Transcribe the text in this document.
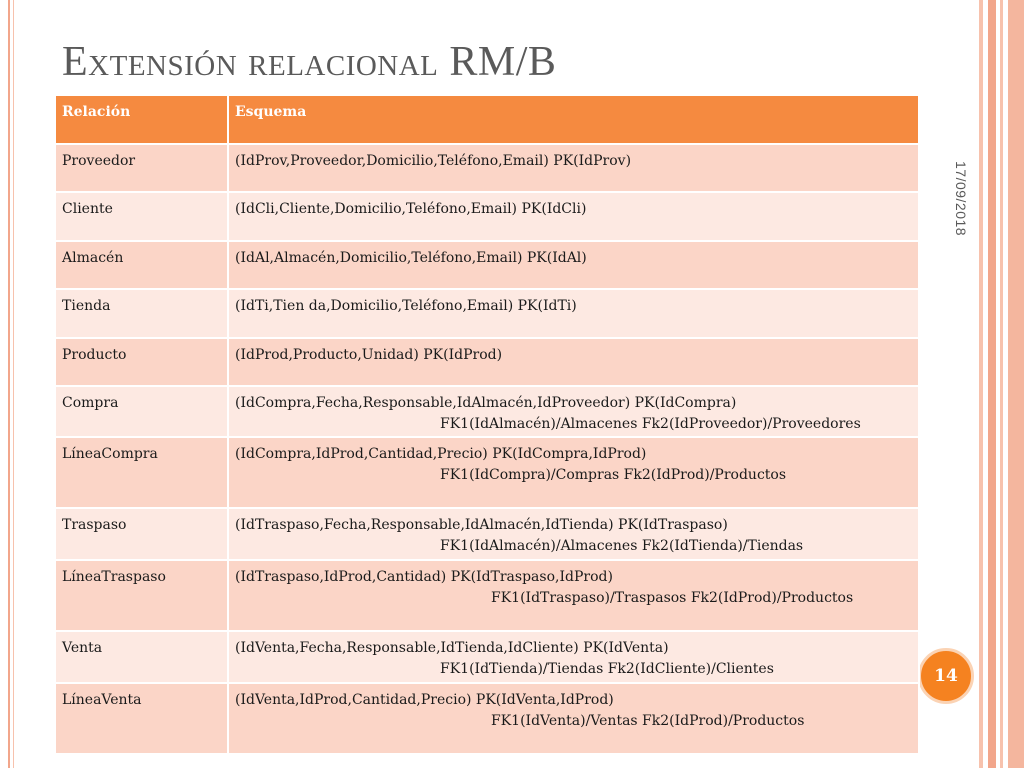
Extensión relacional RM/B
17/09/2018
14
Relación	Esquema
Proveedor	(IdProv,Proveedor,Domicilio,Teléfono,Email) PK(IdProv)

Cliente	(IdCli,Cliente,Domicilio,Teléfono,Email) PK(IdCli)

Almacén	(IdAl,Almacén,Domicilio,Teléfono,Email) PK(IdAl)

Tienda	(IdTi,Tien da,Domicilio,Teléfono,Email) PK(IdTi)

Producto	(IdProd,Producto,Unidad) PK(IdProd)

Compra	(IdCompra,Fecha,Responsable,IdAlmacén,IdProveedor) PK(IdCompra)
FK1(IdAlmacén)/Almacenes Fk2(IdProveedor)/Proveedores

LíneaCompra	(IdCompra,IdProd,Cantidad,Precio) PK(IdCompra,IdProd)
FK1(IdCompra)/Compras Fk2(IdProd)/Productos

Traspaso	(IdTraspaso,Fecha,Responsable,IdAlmacén,IdTienda) PK(IdTraspaso)
FK1(IdAlmacén)/Almacenes Fk2(IdTienda)/Tiendas

LíneaTraspaso	(IdTraspaso,IdProd,Cantidad) PK(IdTraspaso,IdProd)
FK1(IdTraspaso)/Traspasos Fk2(IdProd)/Productos

Venta	(IdVenta,Fecha,Responsable,IdTienda,IdCliente) PK(IdVenta)
FK1(IdTienda)/Tiendas Fk2(IdCliente)/Clientes

LíneaVenta	(IdVenta,IdProd,Cantidad,Precio) PK(IdVenta,IdProd)
FK1(IdVenta)/Ventas Fk2(IdProd)/Productos
